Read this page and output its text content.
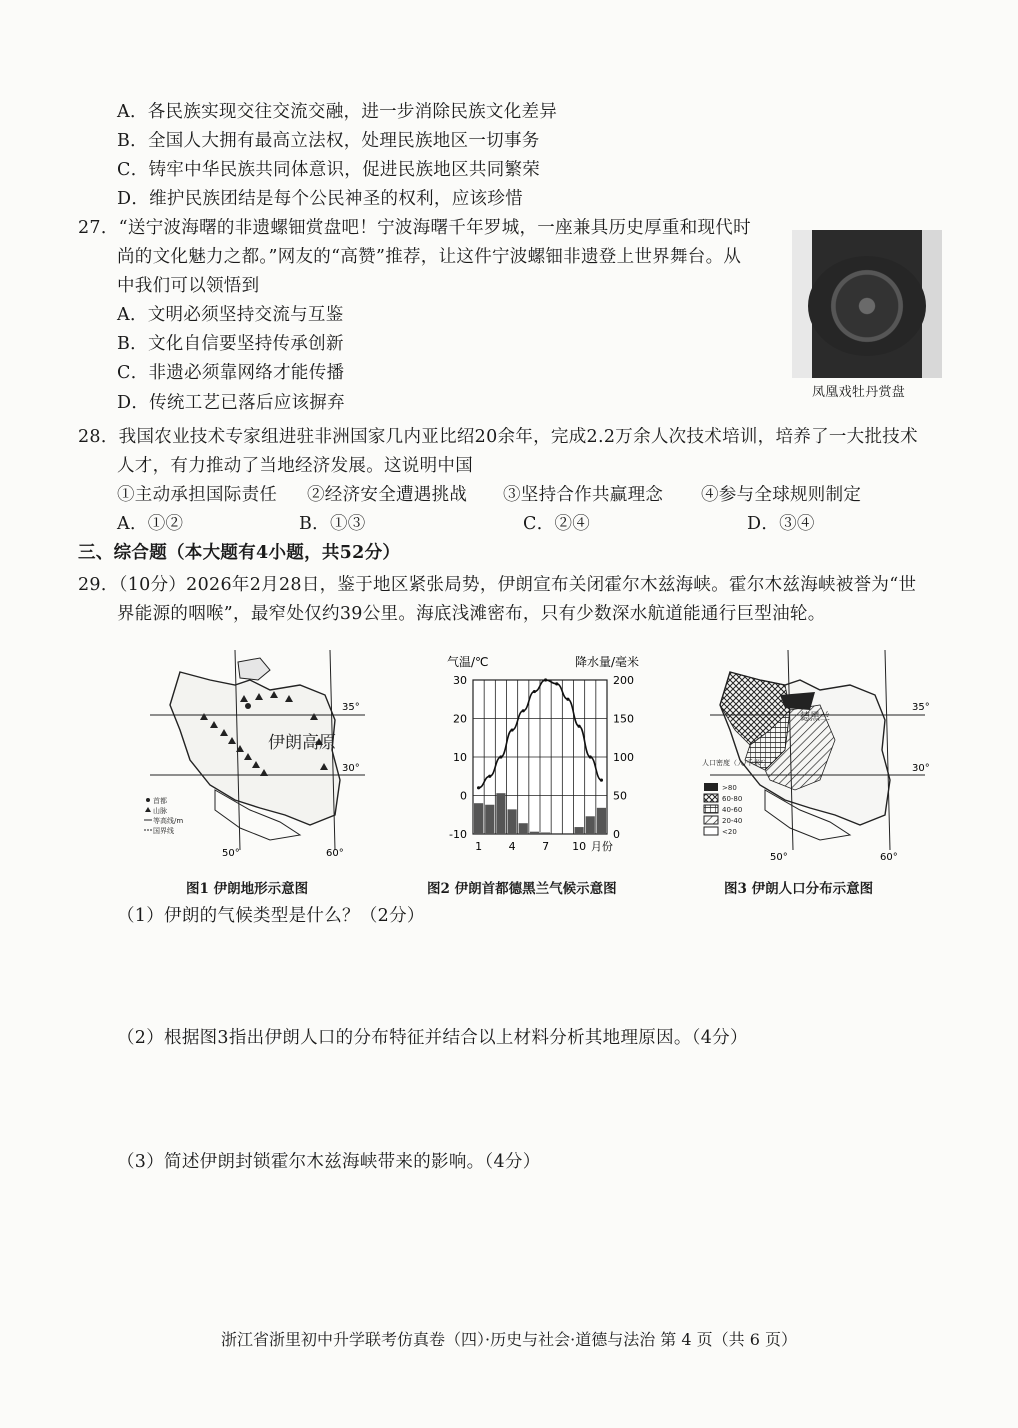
A．各民族实现交往交流交融，进一步消除民族文化差异
B．全国人大拥有最高立法权，处理民族地区一切事务
C．铸牢中华民族共同体意识，促进民族地区共同繁荣
D．维护民族团结是每个公民神圣的权利，应该珍惜
27．“送宁波海曙的非遗螺钿赏盘吧！宁波海曙千年罗城，一座兼具历史厚重和现代时
尚的文化魅力之都。”网友的“高赞”推荐，让这件宁波螺钿非遗登上世界舞台。从
中我们可以领悟到
A．文明必须坚持交流与互鉴
B．文化自信要坚持传承创新
C．非遗必须靠网络才能传播
D．传统工艺已落后应该摒弃
凤凰戏牡丹赏盘
28．我国农业技术专家组进驻非洲国家几内亚比绍20余年，完成2.2万余人次技术培训，培养了一大批技术
人才，有力推动了当地经济发展。这说明中国
①主动承担国际责任 ②经济安全遭遇挑战 ③坚持合作共赢理念 ④参与全球规则制定
A．①②	B．①③	C．②④	D．③④
三、综合题（本大题有4小题，共52分）
29．（10分）2026年2月28日，鉴于地区紧张局势，伊朗宣布关闭霍尔木兹海峡。霍尔木兹海峡被誉为“世
界能源的咽喉”，最窄处仅约39公里。海底浅滩密布，只有少数深水航道能通行巨型油轮。
伊朗高原
35°
30°
50°	60°
首都
山脉
等高线/m
国界线
图1 伊朗地形示意图
气温/℃	降水量/毫米
30
20
10
0
-10
200
150
100
50
0
1 4 7 10 月份
图2 伊朗首都德黑兰气候示意图
德黑兰
35°
30°
50°	60°
人口密度（人/千米²）
>80
60-80
40-60
20-40
<20
图3 伊朗人口分布示意图
（1）伊朗的气候类型是什么？（2分）
（2）根据图3指出伊朗人口的分布特征并结合以上材料分析其地理原因。（4分）
（3）简述伊朗封锁霍尔木兹海峡带来的影响。（4分）
浙江省浙里初中升学联考仿真卷（四）·历史与社会·道德与法治 第 4 页（共 6 页）
